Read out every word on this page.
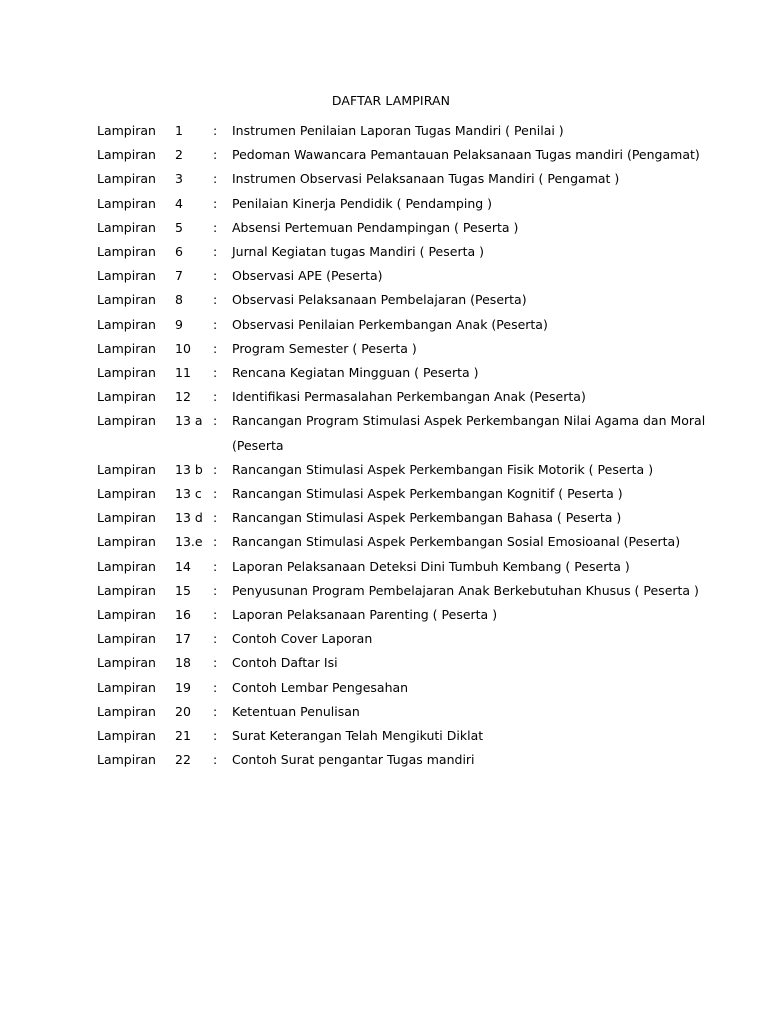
DAFTAR LAMPIRAN
Lampiran	1	:	Instrumen Penilaian Laporan Tugas Mandiri ( Penilai )
Lampiran	2	:	Pedoman Wawancara Pemantauan Pelaksanaan Tugas mandiri (Pengamat)
Lampiran	3	:	Instrumen Observasi Pelaksanaan Tugas Mandiri ( Pengamat )
Lampiran	4	:	Penilaian Kinerja Pendidik ( Pendamping )
Lampiran	5	:	Absensi Pertemuan Pendampingan ( Peserta )
Lampiran	6	:	Jurnal Kegiatan tugas Mandiri ( Peserta )
Lampiran	7	:	Observasi APE (Peserta)
Lampiran	8	:	Observasi Pelaksanaan Pembelajaran (Peserta)
Lampiran	9	:	Observasi Penilaian Perkembangan Anak (Peserta)
Lampiran	10	:	Program Semester ( Peserta )
Lampiran	11	:	Rencana Kegiatan Mingguan ( Peserta )
Lampiran	12	:	Identifikasi Permasalahan Perkembangan Anak (Peserta)
Lampiran	13 a :	Rancangan Program Stimulasi Aspek Perkembangan Nilai Agama dan Moral
(Peserta
Lampiran	13 b :	Rancangan Stimulasi Aspek Perkembangan Fisik Motorik ( Peserta )
Lampiran	13 c :	Rancangan Stimulasi Aspek Perkembangan Kognitif ( Peserta )
Lampiran	13 d :	Rancangan Stimulasi Aspek Perkembangan Bahasa ( Peserta )
Lampiran	13.e :	Rancangan Stimulasi Aspek Perkembangan Sosial Emosioanal (Peserta)
Lampiran	14	:	Laporan Pelaksanaan Deteksi Dini Tumbuh Kembang ( Peserta )
Lampiran	15	:	Penyusunan Program Pembelajaran Anak Berkebutuhan Khusus ( Peserta )
Lampiran	16	:	Laporan Pelaksanaan Parenting ( Peserta )
Lampiran	17	:	Contoh Cover Laporan
Lampiran	18	:	Contoh Daftar Isi
Lampiran	19	:	Contoh Lembar Pengesahan
Lampiran	20	:	Ketentuan Penulisan
Lampiran	21	:	Surat Keterangan Telah Mengikuti Diklat
Lampiran	22	:	Contoh Surat pengantar Tugas mandiri
